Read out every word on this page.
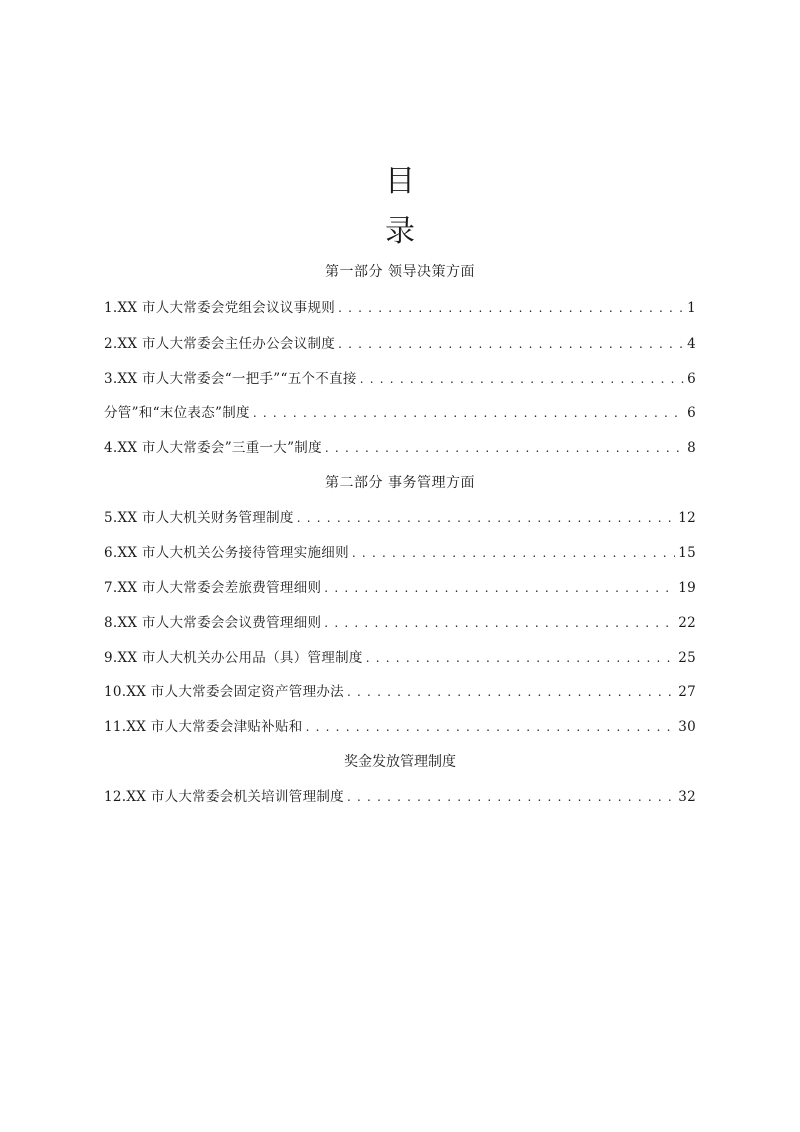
目
录
第一部分 领导决策方面
1.XX 市人大常委会党组会议议事规则 . . .	1
2.XX 市人大常委会主任办公会议制度 . . .	4
3.XX 市人大常委会“一把手”“五个不直接 . . .	6
分管”和“末位表态”制度 . . .	6
4.XX 市人大常委会”三重一大”制度 . . .	8
第二部分 事务管理方面
5.XX 市人大机关财务管理制度 . . .	12
6.XX 市人大机关公务接待管理实施细则 . . .	15
7.XX 市人大常委会差旅费管理细则 . . .	19
8.XX 市人大常委会会议费管理细则 . . .	22
9.XX 市人大机关办公用品（具）管理制度 . . .	25
10.XX 市人大常委会固定资产管理办法 . . .	27
11.XX 市人大常委会津贴补贴和 . . .	30
奖金发放管理制度
12.XX 市人大常委会机关培训管理制度 . . .	32
